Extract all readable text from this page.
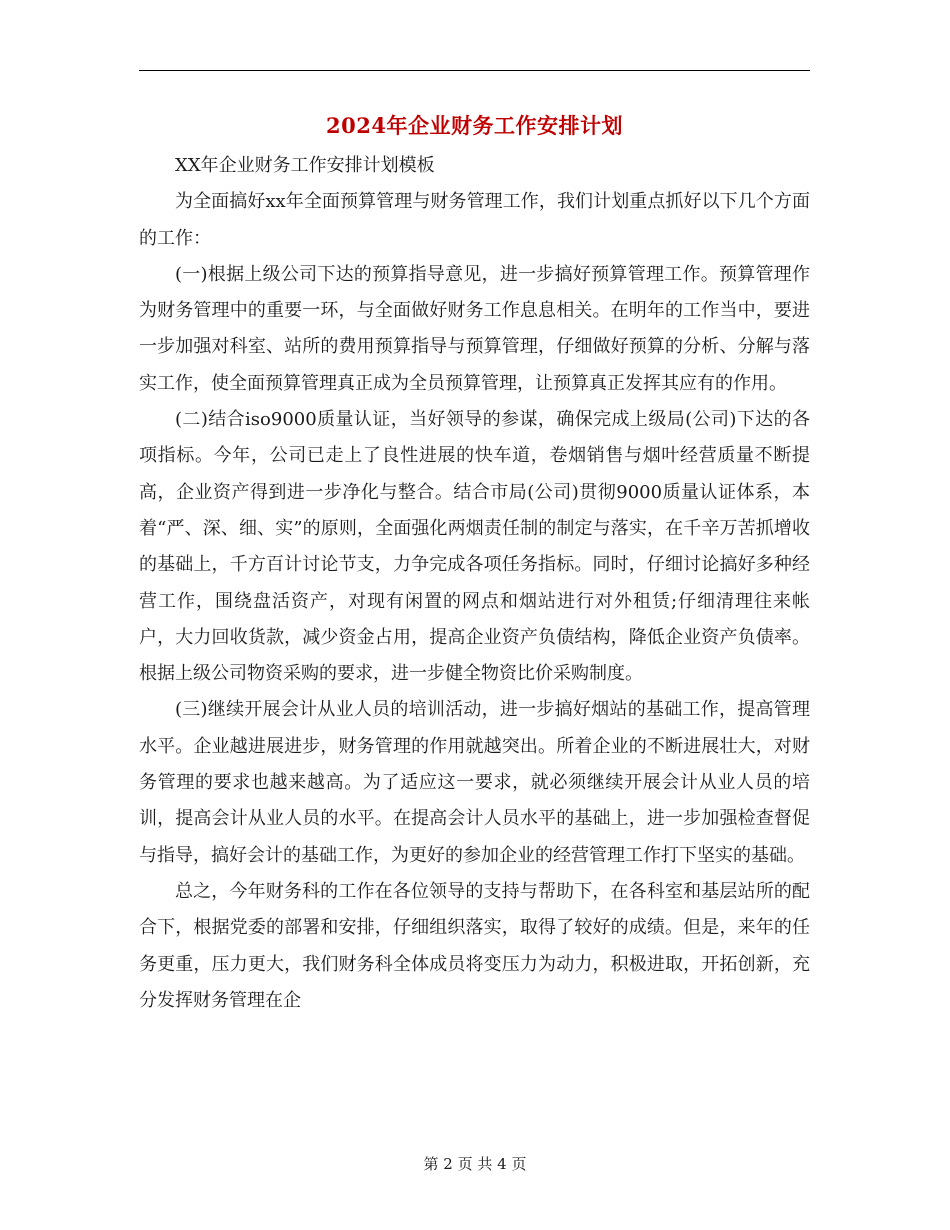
2024年企业财务工作安排计划

XX年企业财务工作安排计划模板

为全面搞好xx年全面预算管理与财务管理工作，我们计划重点抓好以下几个方面的工作：

(一)根据上级公司下达的预算指导意见，进一步搞好预算管理工作。预算管理作为财务管理中的重要一环，与全面做好财务工作息息相关。在明年的工作当中，要进一步加强对科室、站所的费用预算指导与预算管理，仔细做好预算的分析、分解与落实工作，使全面预算管理真正成为全员预算管理，让预算真正发挥其应有的作用。

(二)结合iso9000质量认证，当好领导的参谋，确保完成上级局(公司)下达的各项指标。今年，公司已走上了良性进展的快车道，卷烟销售与烟叶经营质量不断提高，企业资产得到进一步净化与整合。结合市局(公司)贯彻9000质量认证体系，本着“严、深、细、实”的原则，全面强化两烟责任制的制定与落实，在千辛万苦抓增收的基础上，千方百计讨论节支，力争完成各项任务指标。同时，仔细讨论搞好多种经营工作，围绕盘活资产，对现有闲置的网点和烟站进行对外租赁;仔细清理往来帐户，大力回收货款，减少资金占用，提高企业资产负债结构，降低企业资产负债率。根据上级公司物资采购的要求，进一步健全物资比价采购制度。

(三)继续开展会计从业人员的培训活动，进一步搞好烟站的基础工作，提高管理水平。企业越进展进步，财务管理的作用就越突出。所着企业的不断进展壮大，对财务管理的要求也越来越高。为了适应这一要求，就必须继续开展会计从业人员的培训，提高会计从业人员的水平。在提高会计人员水平的基础上，进一步加强检查督促与指导，搞好会计的基础工作，为更好的参加企业的经营管理工作打下坚实的基础。

总之，今年财务科的工作在各位领导的支持与帮助下，在各科室和基层站所的配合下，根据党委的部署和安排，仔细组织落实，取得了较好的成绩。但是，来年的任务更重，压力更大，我们财务科全体成员将变压力为动力，积极进取，开拓创新，充分发挥财务管理在企

第 2 页 共 4 页
